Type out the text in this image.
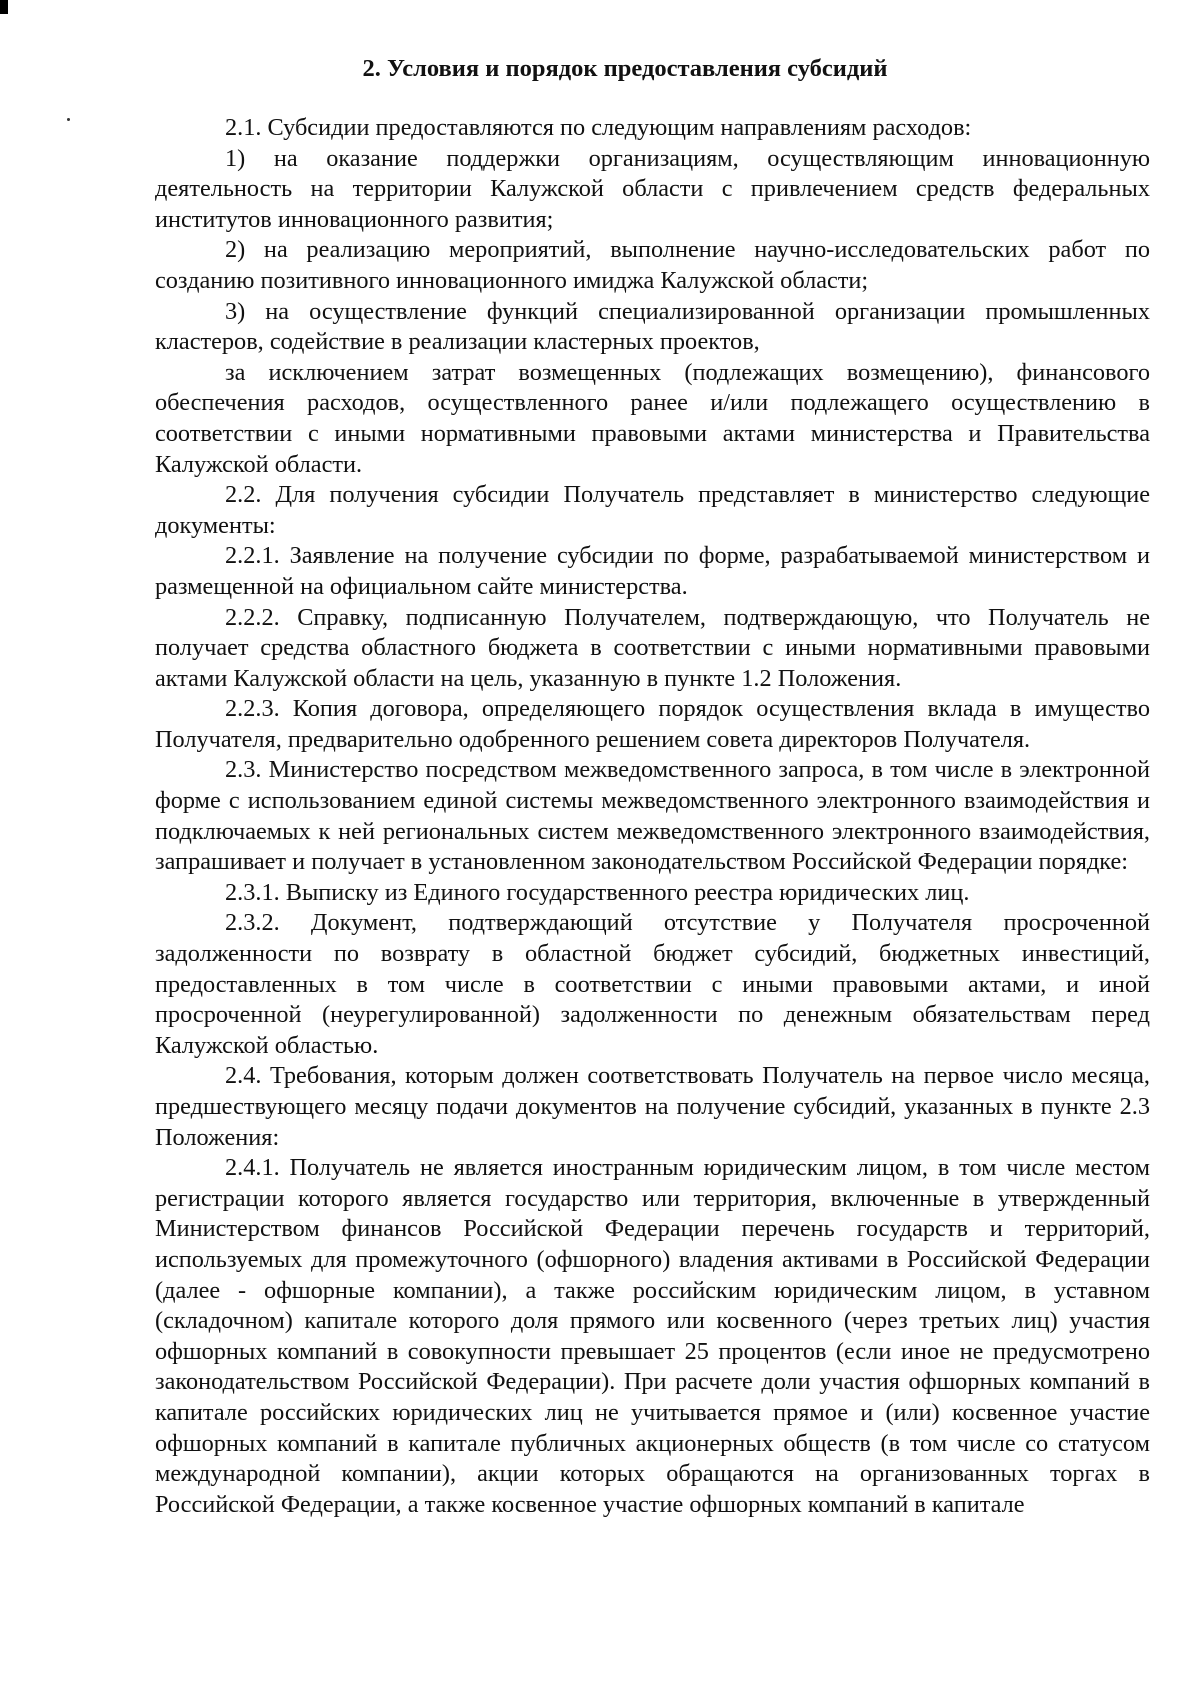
2. Условия и порядок предоставления субсидий

2.1. Субсидии предоставляются по следующим направлениям расходов:

1) на оказание поддержки организациям, осуществляющим инновационную деятельность на территории Калужской области с привлечением средств федеральных институтов инновационного развития;

2) на реализацию мероприятий, выполнение научно-исследовательских работ по созданию позитивного инновационного имиджа Калужской области;

3) на осуществление функций специализированной организации промышленных кластеров, содействие в реализации кластерных проектов,

за исключением затрат возмещенных (подлежащих возмещению), финансового обеспечения расходов, осуществленного ранее и/или подлежащего осуществлению в соответствии с иными нормативными правовыми актами министерства и Правительства Калужской области.

2.2. Для получения субсидии Получатель представляет в министерство следующие документы:

2.2.1. Заявление на получение субсидии по форме, разрабатываемой министерством и размещенной на официальном сайте министерства.

2.2.2. Справку, подписанную Получателем, подтверждающую, что Получатель не получает средства областного бюджета в соответствии с иными нормативными правовыми актами Калужской области на цель, указанную в пункте 1.2 Положения.

2.2.3. Копия договора, определяющего порядок осуществления вклада в имущество Получателя, предварительно одобренного решением совета директоров Получателя.

2.3. Министерство посредством межведомственного запроса, в том числе в электронной форме с использованием единой системы межведомственного электронного взаимодействия и подключаемых к ней региональных систем межведомственного электронного взаимодействия, запрашивает и получает в установленном законодательством Российской Федерации порядке:

2.3.1. Выписку из Единого государственного реестра юридических лиц.

2.3.2. Документ, подтверждающий отсутствие у Получателя просроченной задолженности по возврату в областной бюджет субсидий, бюджетных инвестиций, предоставленных в том числе в соответствии с иными правовыми актами, и иной просроченной (неурегулированной) задолженности по денежным обязательствам перед Калужской областью.

2.4. Требования, которым должен соответствовать Получатель на первое число месяца, предшествующего месяцу подачи документов на получение субсидий, указанных в пункте 2.3 Положения:

2.4.1. Получатель не является иностранным юридическим лицом, в том числе местом регистрации которого является государство или территория, включенные в утвержденный Министерством финансов Российской Федерации перечень государств и территорий, используемых для промежуточного (офшорного) владения активами в Российской Федерации (далее - офшорные компании), а также российским юридическим лицом, в уставном (складочном) капитале которого доля прямого или косвенного (через третьих лиц) участия офшорных компаний в совокупности превышает 25 процентов (если иное не предусмотрено законодательством Российской Федерации). При расчете доли участия офшорных компаний в капитале российских юридических лиц не учитывается прямое и (или) косвенное участие офшорных компаний в капитале публичных акционерных обществ (в том числе со статусом международной компании), акции которых обращаются на организованных торгах в Российской Федерации, а также косвенное участие офшорных компаний в капитале
